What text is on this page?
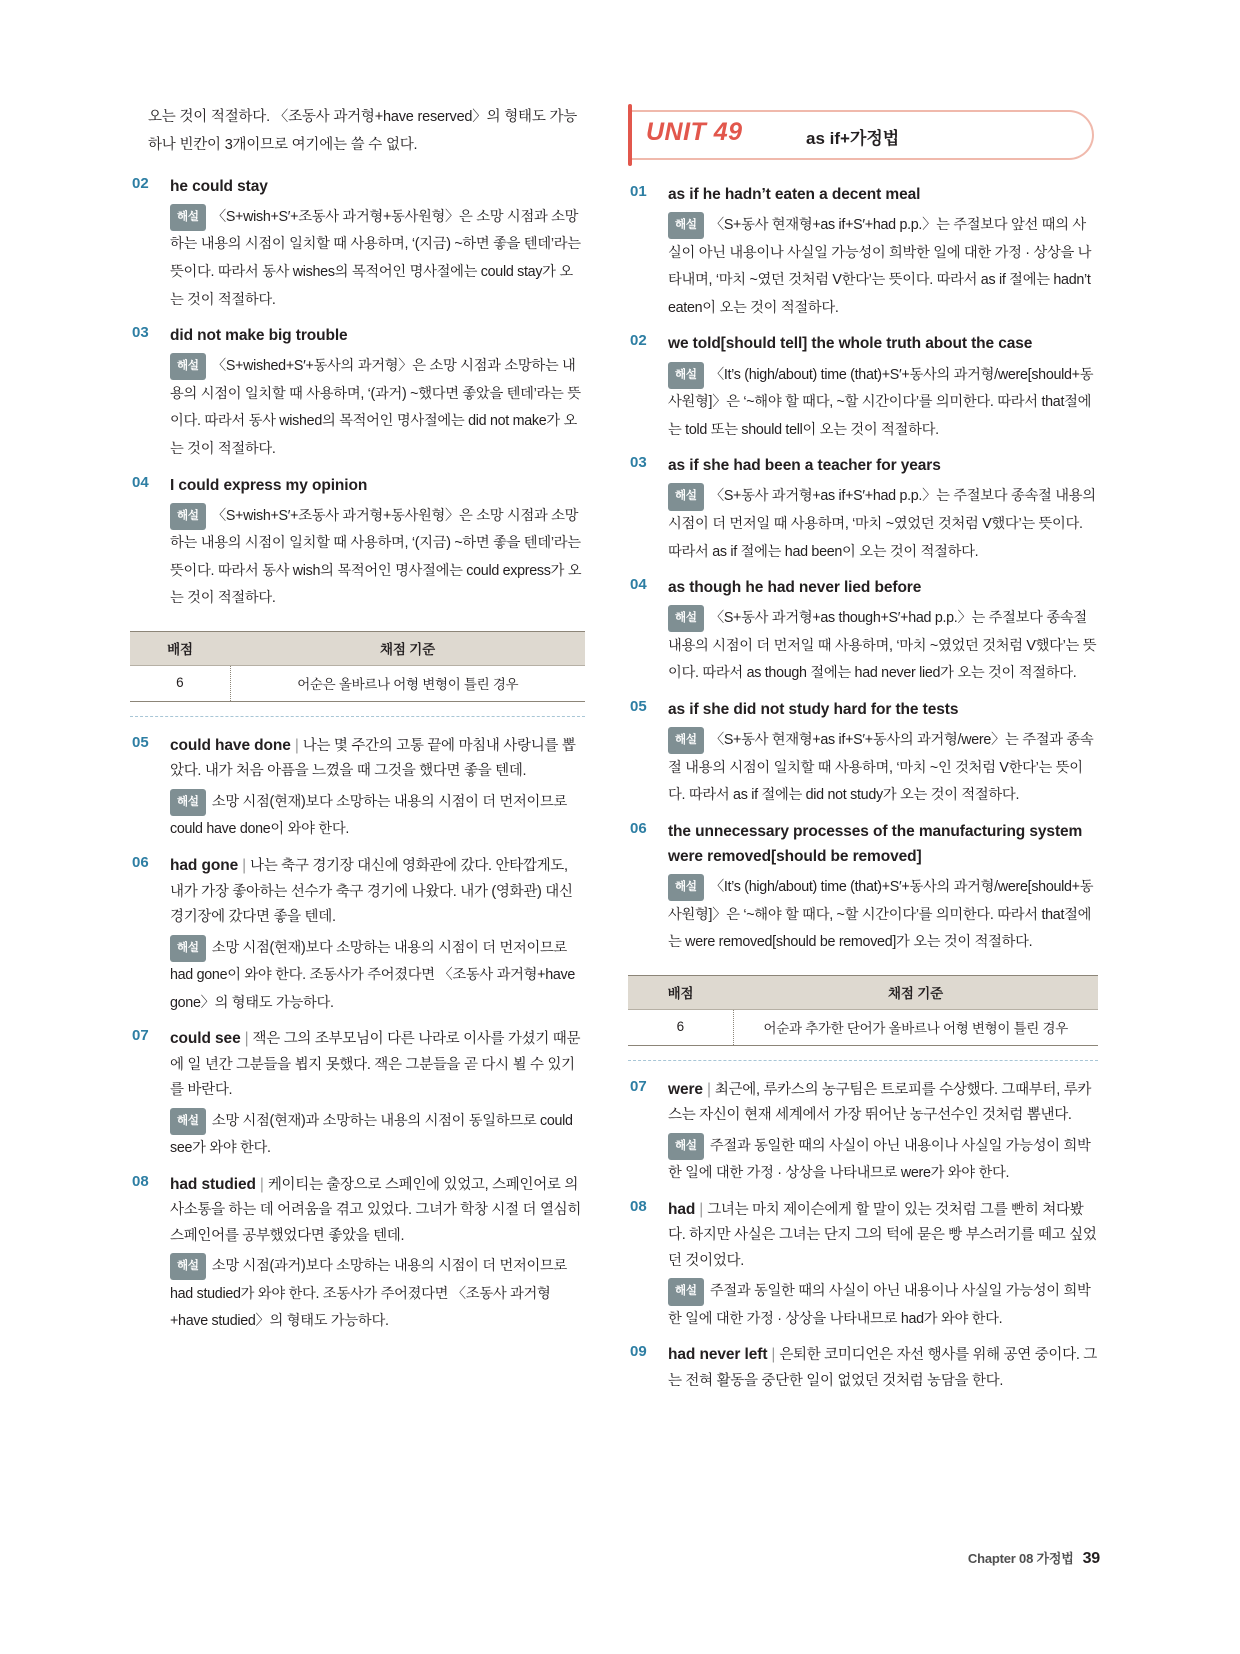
오는 것이 적절하다. 〈조동사 과거형+have reserved〉의 형태도 가능하나 빈칸이 3개이므로 여기에는 쓸 수 없다.

02 he could stay

해설 〈S+wish+S′+조동사 과거형+동사원형〉은 소망 시점과 소망하는 내용의 시점이 일치할 때 사용하며, ‘(지금) ~하면 좋을 텐데’라는 뜻이다. 따라서 동사 wishes의 목적어인 명사절에는 could stay가 오는 것이 적절하다.

03 did not make big trouble

해설 〈S+wished+S′+동사의 과거형〉은 소망 시점과 소망하는 내용의 시점이 일치할 때 사용하며, ‘(과거) ~했다면 좋았을 텐데’라는 뜻이다. 따라서 동사 wished의 목적어인 명사절에는 did not make가 오는 것이 적절하다.

04 I could express my opinion

해설 〈S+wish+S′+조동사 과거형+동사원형〉은 소망 시점과 소망하는 내용의 시점이 일치할 때 사용하며, ‘(지금) ~하면 좋을 텐데’라는 뜻이다. 따라서 동사 wish의 목적어인 명사절에는 could express가 오는 것이 적절하다.

배점	채점 기준
6	어순은 올바르나 어형 변형이 틀린 경우
05 could have done | 나는 몇 주간의 고통 끝에 마침내 사랑니를 뽑았다. 내가 처음 아픔을 느꼈을 때 그것을 했다면 좋을 텐데.

해설 소망 시점(현재)보다 소망하는 내용의 시점이 더 먼저이므로 could have done이 와야 한다.

06 had gone | 나는 축구 경기장 대신에 영화관에 갔다. 안타깝게도, 내가 가장 좋아하는 선수가 축구 경기에 나왔다. 내가 (영화관) 대신 경기장에 갔다면 좋을 텐데.

해설 소망 시점(현재)보다 소망하는 내용의 시점이 더 먼저이므로 had gone이 와야 한다. 조동사가 주어졌다면 〈조동사 과거형+have gone〉의 형태도 가능하다.

07 could see | 잭은 그의 조부모님이 다른 나라로 이사를 가셨기 때문에 일 년간 그분들을 뵙지 못했다. 잭은 그분들을 곧 다시 뵐 수 있기를 바란다.

해설 소망 시점(현재)과 소망하는 내용의 시점이 동일하므로 could see가 와야 한다.

08 had studied | 케이티는 출장으로 스페인에 있었고, 스페인어로 의사소통을 하는 데 어려움을 겪고 있었다. 그녀가 학창 시절 더 열심히 스페인어를 공부했었다면 좋았을 텐데.

해설 소망 시점(과거)보다 소망하는 내용의 시점이 더 먼저이므로 had studied가 와야 한다. 조동사가 주어졌다면 〈조동사 과거형+have studied〉의 형태도 가능하다.

UNIT 49	as if+가정법
01 as if he hadn’t eaten a decent meal

해설 〈S+동사 현재형+as if+S′+had p.p.〉는 주절보다 앞선 때의 사실이 아닌 내용이나 사실일 가능성이 희박한 일에 대한 가정 · 상상을 나타내며, ‘마치 ~였던 것처럼 V한다’는 뜻이다. 따라서 as if 절에는 hadn’t eaten이 오는 것이 적절하다.

02 we told[should tell] the whole truth about the case

해설 〈It’s (high/about) time (that)+S′+동사의 과거형/were[should+동사원형]〉은 ‘~해야 할 때다, ~할 시간이다’를 의미한다. 따라서 that절에는 told 또는 should tell이 오는 것이 적절하다.

03 as if she had been a teacher for years

해설 〈S+동사 과거형+as if+S′+had p.p.〉는 주절보다 종속절 내용의 시점이 더 먼저일 때 사용하며, ‘마치 ~였었던 것처럼 V했다’는 뜻이다. 따라서 as if 절에는 had been이 오는 것이 적절하다.

04 as though he had never lied before

해설 〈S+동사 과거형+as though+S′+had p.p.〉는 주절보다 종속절 내용의 시점이 더 먼저일 때 사용하며, ‘마치 ~였었던 것처럼 V했다’는 뜻이다. 따라서 as though 절에는 had never lied가 오는 것이 적절하다.

05 as if she did not study hard for the tests

해설 〈S+동사 현재형+as if+S′+동사의 과거형/were〉는 주절과 종속절 내용의 시점이 일치할 때 사용하며, ‘마치 ~인 것처럼 V한다’는 뜻이다. 따라서 as if 절에는 did not study가 오는 것이 적절하다.

06 the unnecessary processes of the manufacturing system were removed[should be removed]

해설 〈It’s (high/about) time (that)+S′+동사의 과거형/were[should+동사원형]〉은 ‘~해야 할 때다, ~할 시간이다’를 의미한다. 따라서 that절에는 were removed[should be removed]가 오는 것이 적절하다.

배점	채점 기준
6	어순과 추가한 단어가 올바르나 어형 변형이 틀린 경우
07 were | 최근에, 루카스의 농구팀은 트로피를 수상했다. 그때부터, 루카스는 자신이 현재 세계에서 가장 뛰어난 농구선수인 것처럼 뽐낸다.

해설 주절과 동일한 때의 사실이 아닌 내용이나 사실일 가능성이 희박한 일에 대한 가정 · 상상을 나타내므로 were가 와야 한다.

08 had | 그녀는 마치 제이슨에게 할 말이 있는 것처럼 그를 빤히 쳐다봤다. 하지만 사실은 그녀는 단지 그의 턱에 묻은 빵 부스러기를 떼고 싶었던 것이었다.

해설 주절과 동일한 때의 사실이 아닌 내용이나 사실일 가능성이 희박한 일에 대한 가정 · 상상을 나타내므로 had가 와야 한다.

09 had never left | 은퇴한 코미디언은 자선 행사를 위해 공연 중이다. 그는 전혀 활동을 중단한 일이 없었던 것처럼 농담을 한다.

Chapter 08 가정법 39
